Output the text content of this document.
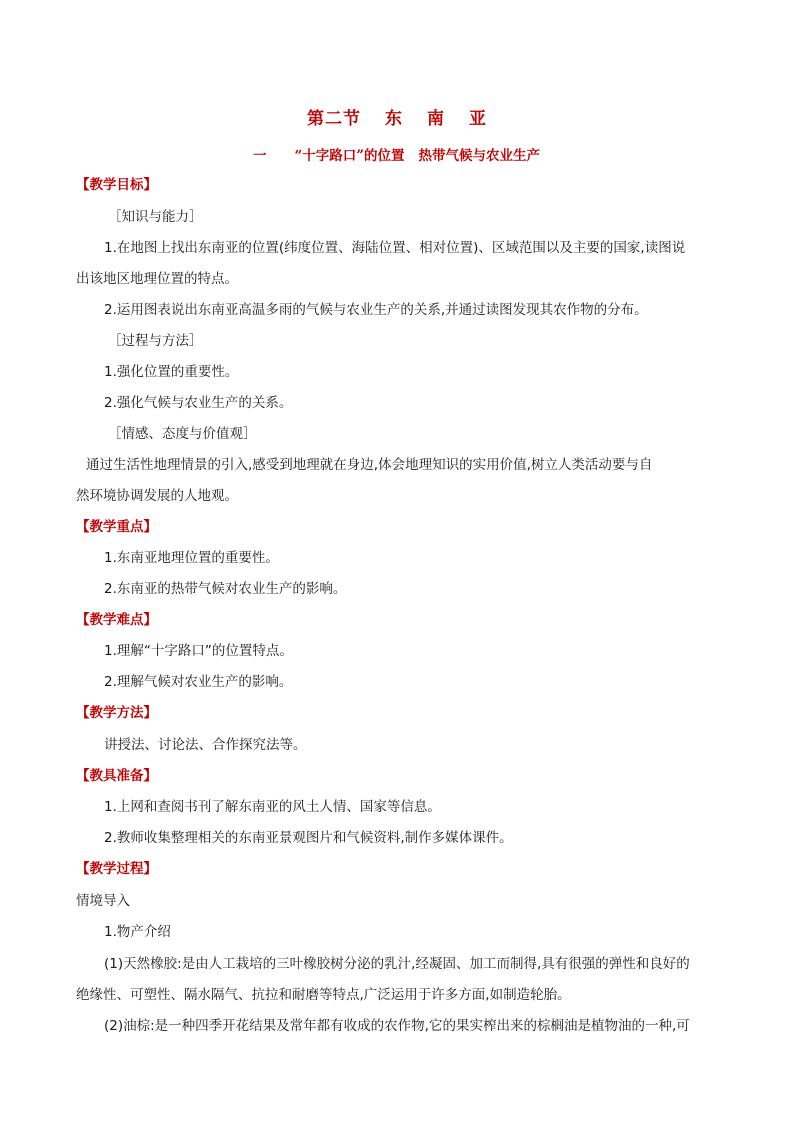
第二节 东 南 亚
一 “十字路口”的位置 热带气候与农业生产
【教学目标】
［知识与能力］
1.在地图上找出东南亚的位置(纬度位置、海陆位置、相对位置)、区域范围以及主要的国家,读图说
出该地区地理位置的特点。
2.运用图表说出东南亚高温多雨的气候与农业生产的关系,并通过读图发现其农作物的分布。
［过程与方法］
1.强化位置的重要性。
2.强化气候与农业生产的关系。
［情感、态度与价值观］
通过生活性地理情景的引入,感受到地理就在身边,体会地理知识的实用价值,树立人类活动要与自
然环境协调发展的人地观。
【教学重点】
1.东南亚地理位置的重要性。
2.东南亚的热带气候对农业生产的影响。
【教学难点】
1.理解“十字路口”的位置特点。
2.理解气候对农业生产的影响。
【教学方法】
讲授法、讨论法、合作探究法等。
【教具准备】
1.上网和查阅书刊了解东南亚的风土人情、国家等信息。
2.教师收集整理相关的东南亚景观图片和气候资料,制作多媒体课件。
【教学过程】
情境导入
1.物产介绍
(1)天然橡胶:是由人工栽培的三叶橡胶树分泌的乳汁,经凝固、加工而制得,具有很强的弹性和良好的
绝缘性、可塑性、隔水隔气、抗拉和耐磨等特点,广泛运用于许多方面,如制造轮胎。
(2)油棕:是一种四季开花结果及常年都有收成的农作物,它的果实榨出来的棕榈油是植物油的一种,可
